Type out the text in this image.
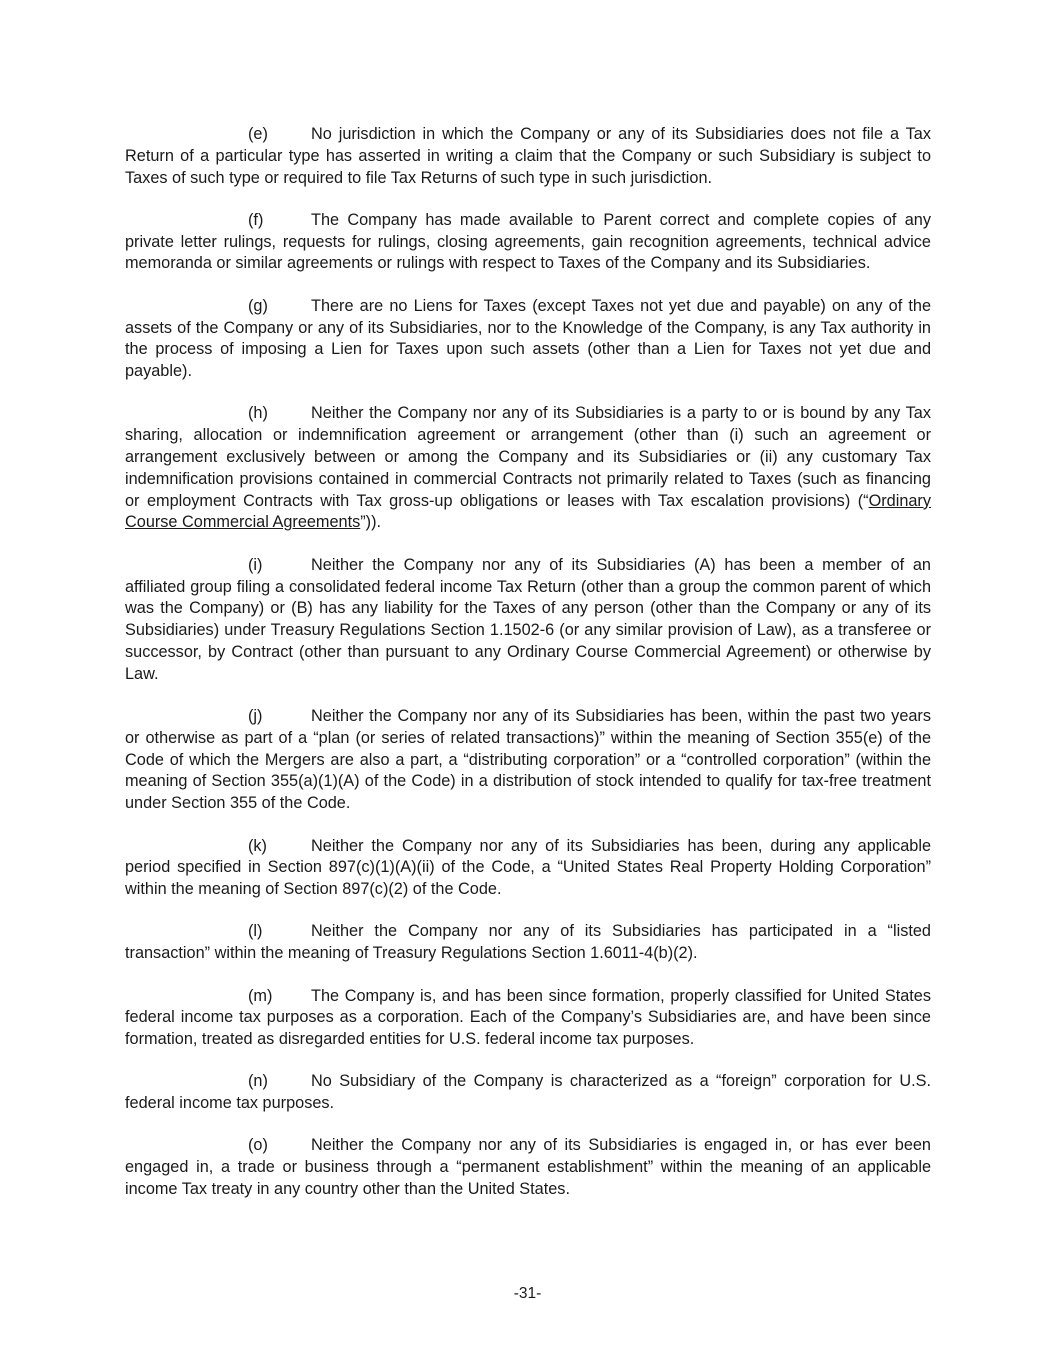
(e)	No jurisdiction in which the Company or any of its Subsidiaries does not file a Tax Return of a particular type has asserted in writing a claim that the Company or such Subsidiary is subject to Taxes of such type or required to file Tax Returns of such type in such jurisdiction.

(f)	The Company has made available to Parent correct and complete copies of any private letter rulings, requests for rulings, closing agreements, gain recognition agreements, technical advice memoranda or similar agreements or rulings with respect to Taxes of the Company and its Subsidiaries.

(g)	There are no Liens for Taxes (except Taxes not yet due and payable) on any of the assets of the Company or any of its Subsidiaries, nor to the Knowledge of the Company, is any Tax authority in the process of imposing a Lien for Taxes upon such assets (other than a Lien for Taxes not yet due and payable).

(h)	Neither the Company nor any of its Subsidiaries is a party to or is bound by any Tax sharing, allocation or indemnification agreement or arrangement (other than (i) such an agreement or arrangement exclusively between or among the Company and its Subsidiaries or (ii) any customary Tax indemnification provisions contained in commercial Contracts not primarily related to Taxes (such as financing or employment Contracts with Tax gross-up obligations or leases with Tax escalation provisions) (“Ordinary Course Commercial Agreements”)).

(i)	Neither the Company nor any of its Subsidiaries (A) has been a member of an affiliated group filing a consolidated federal income Tax Return (other than a group the common parent of which was the Company) or (B) has any liability for the Taxes of any person (other than the Company or any of its Subsidiaries) under Treasury Regulations Section 1.1502-6 (or any similar provision of Law), as a transferee or successor, by Contract (other than pursuant to any Ordinary Course Commercial Agreement) or otherwise by Law.

(j)	Neither the Company nor any of its Subsidiaries has been, within the past two years or otherwise as part of a “plan (or series of related transactions)” within the meaning of Section 355(e) of the Code of which the Mergers are also a part, a “distributing corporation” or a “controlled corporation” (within the meaning of Section 355(a)(1)(A) of the Code) in a distribution of stock intended to qualify for tax-free treatment under Section 355 of the Code.

(k)	Neither the Company nor any of its Subsidiaries has been, during any applicable period specified in Section 897(c)(1)(A)(ii) of the Code, a “United States Real Property Holding Corporation” within the meaning of Section 897(c)(2) of the Code.

(l)	Neither the Company nor any of its Subsidiaries has participated in a “listed transaction” within the meaning of Treasury Regulations Section 1.6011-4(b)(2).

(m) The Company is, and has been since formation, properly classified for United States federal income tax purposes as a corporation. Each of the Company’s Subsidiaries are, and have been since formation, treated as disregarded entities for U.S. federal income tax purposes.

(n)	No Subsidiary of the Company is characterized as a “foreign” corporation for U.S. federal income tax purposes.

(o)	Neither the Company nor any of its Subsidiaries is engaged in, or has ever been engaged in, a trade or business through a “permanent establishment” within the meaning of an applicable income Tax treaty in any country other than the United States.

-31-
